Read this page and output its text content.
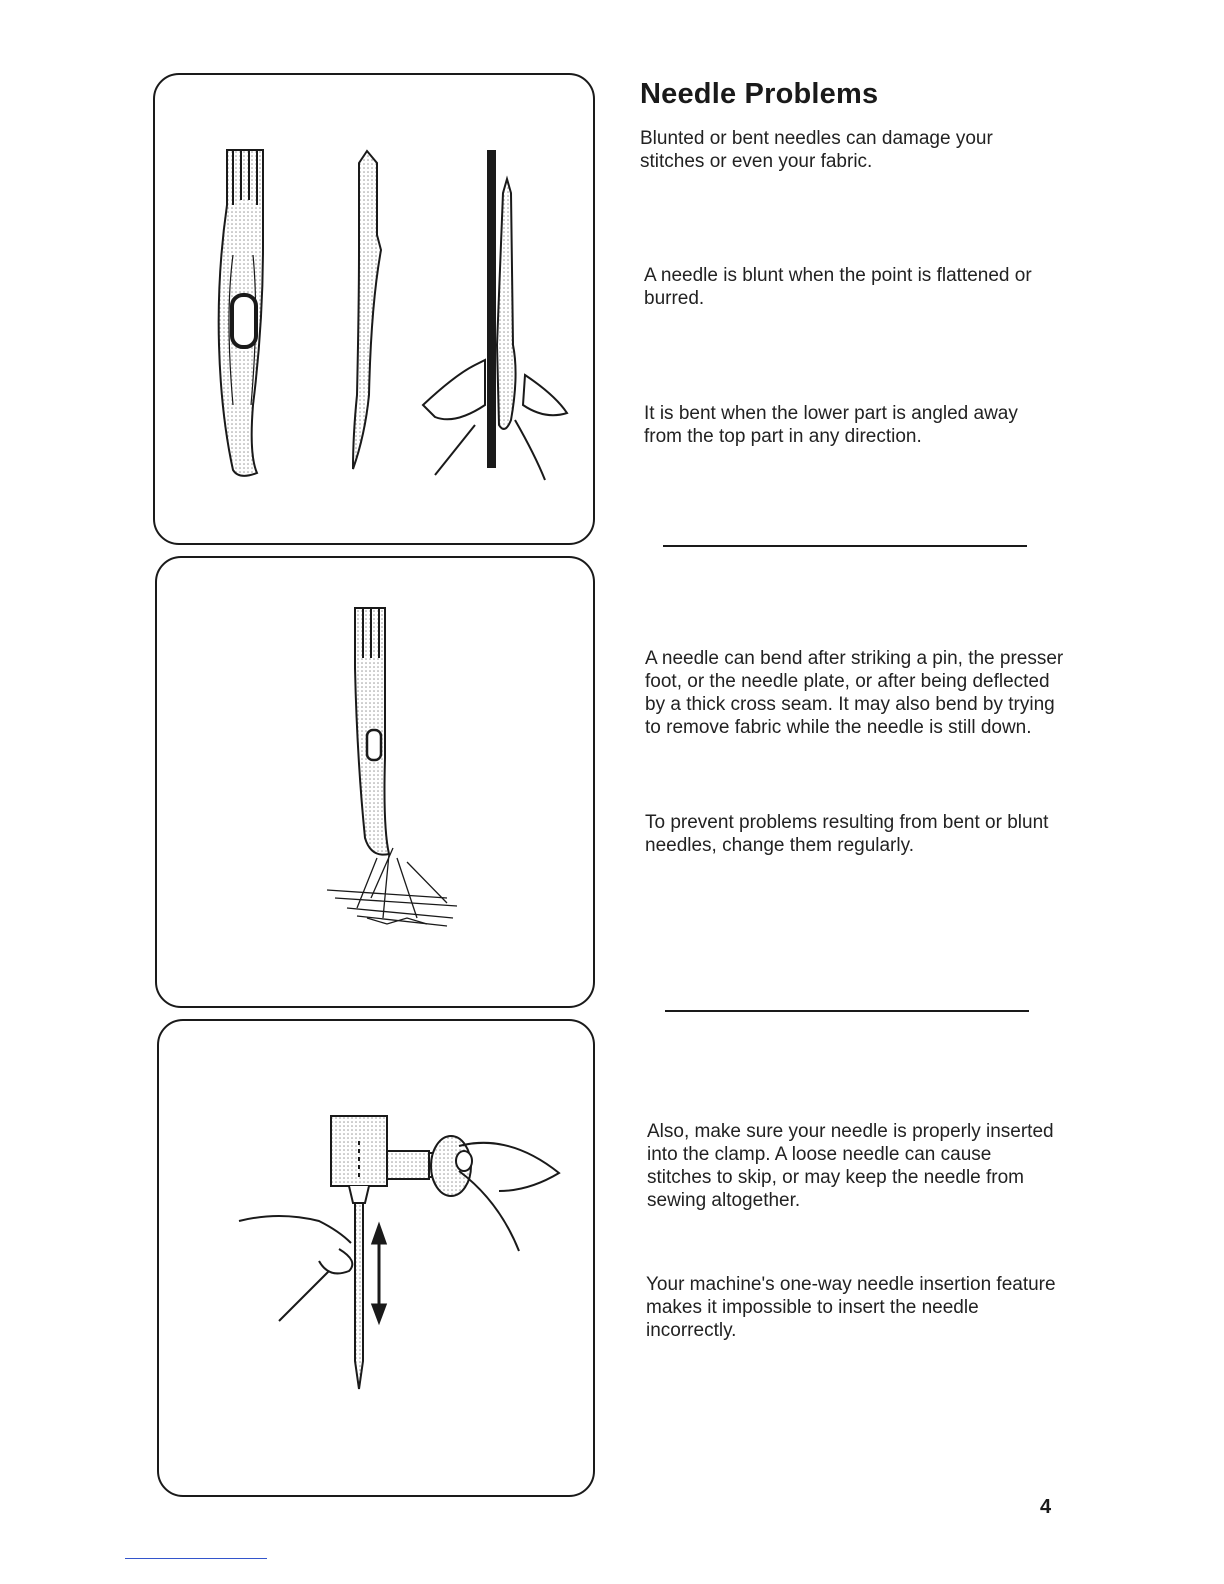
Needle Problems

Blunted or bent needles can damage your stitches or even your fabric.

A needle is blunt when the point is flattened or burred.

It is bent when the lower part is angled away from the top part in any direction.

A needle can bend after striking a pin, the presser foot, or the needle plate, or after being deflected by a thick cross seam. It may also bend by trying to remove fabric while the needle is still down.

To prevent problems resulting from bent or blunt needles, change them regularly.

Also, make sure your needle is properly inserted into the clamp. A loose needle can cause stitches to skip, or may keep the needle from sewing altogether.

Your machine's one-way needle insertion feature makes it impossible to insert the needle incorrectly.

4
